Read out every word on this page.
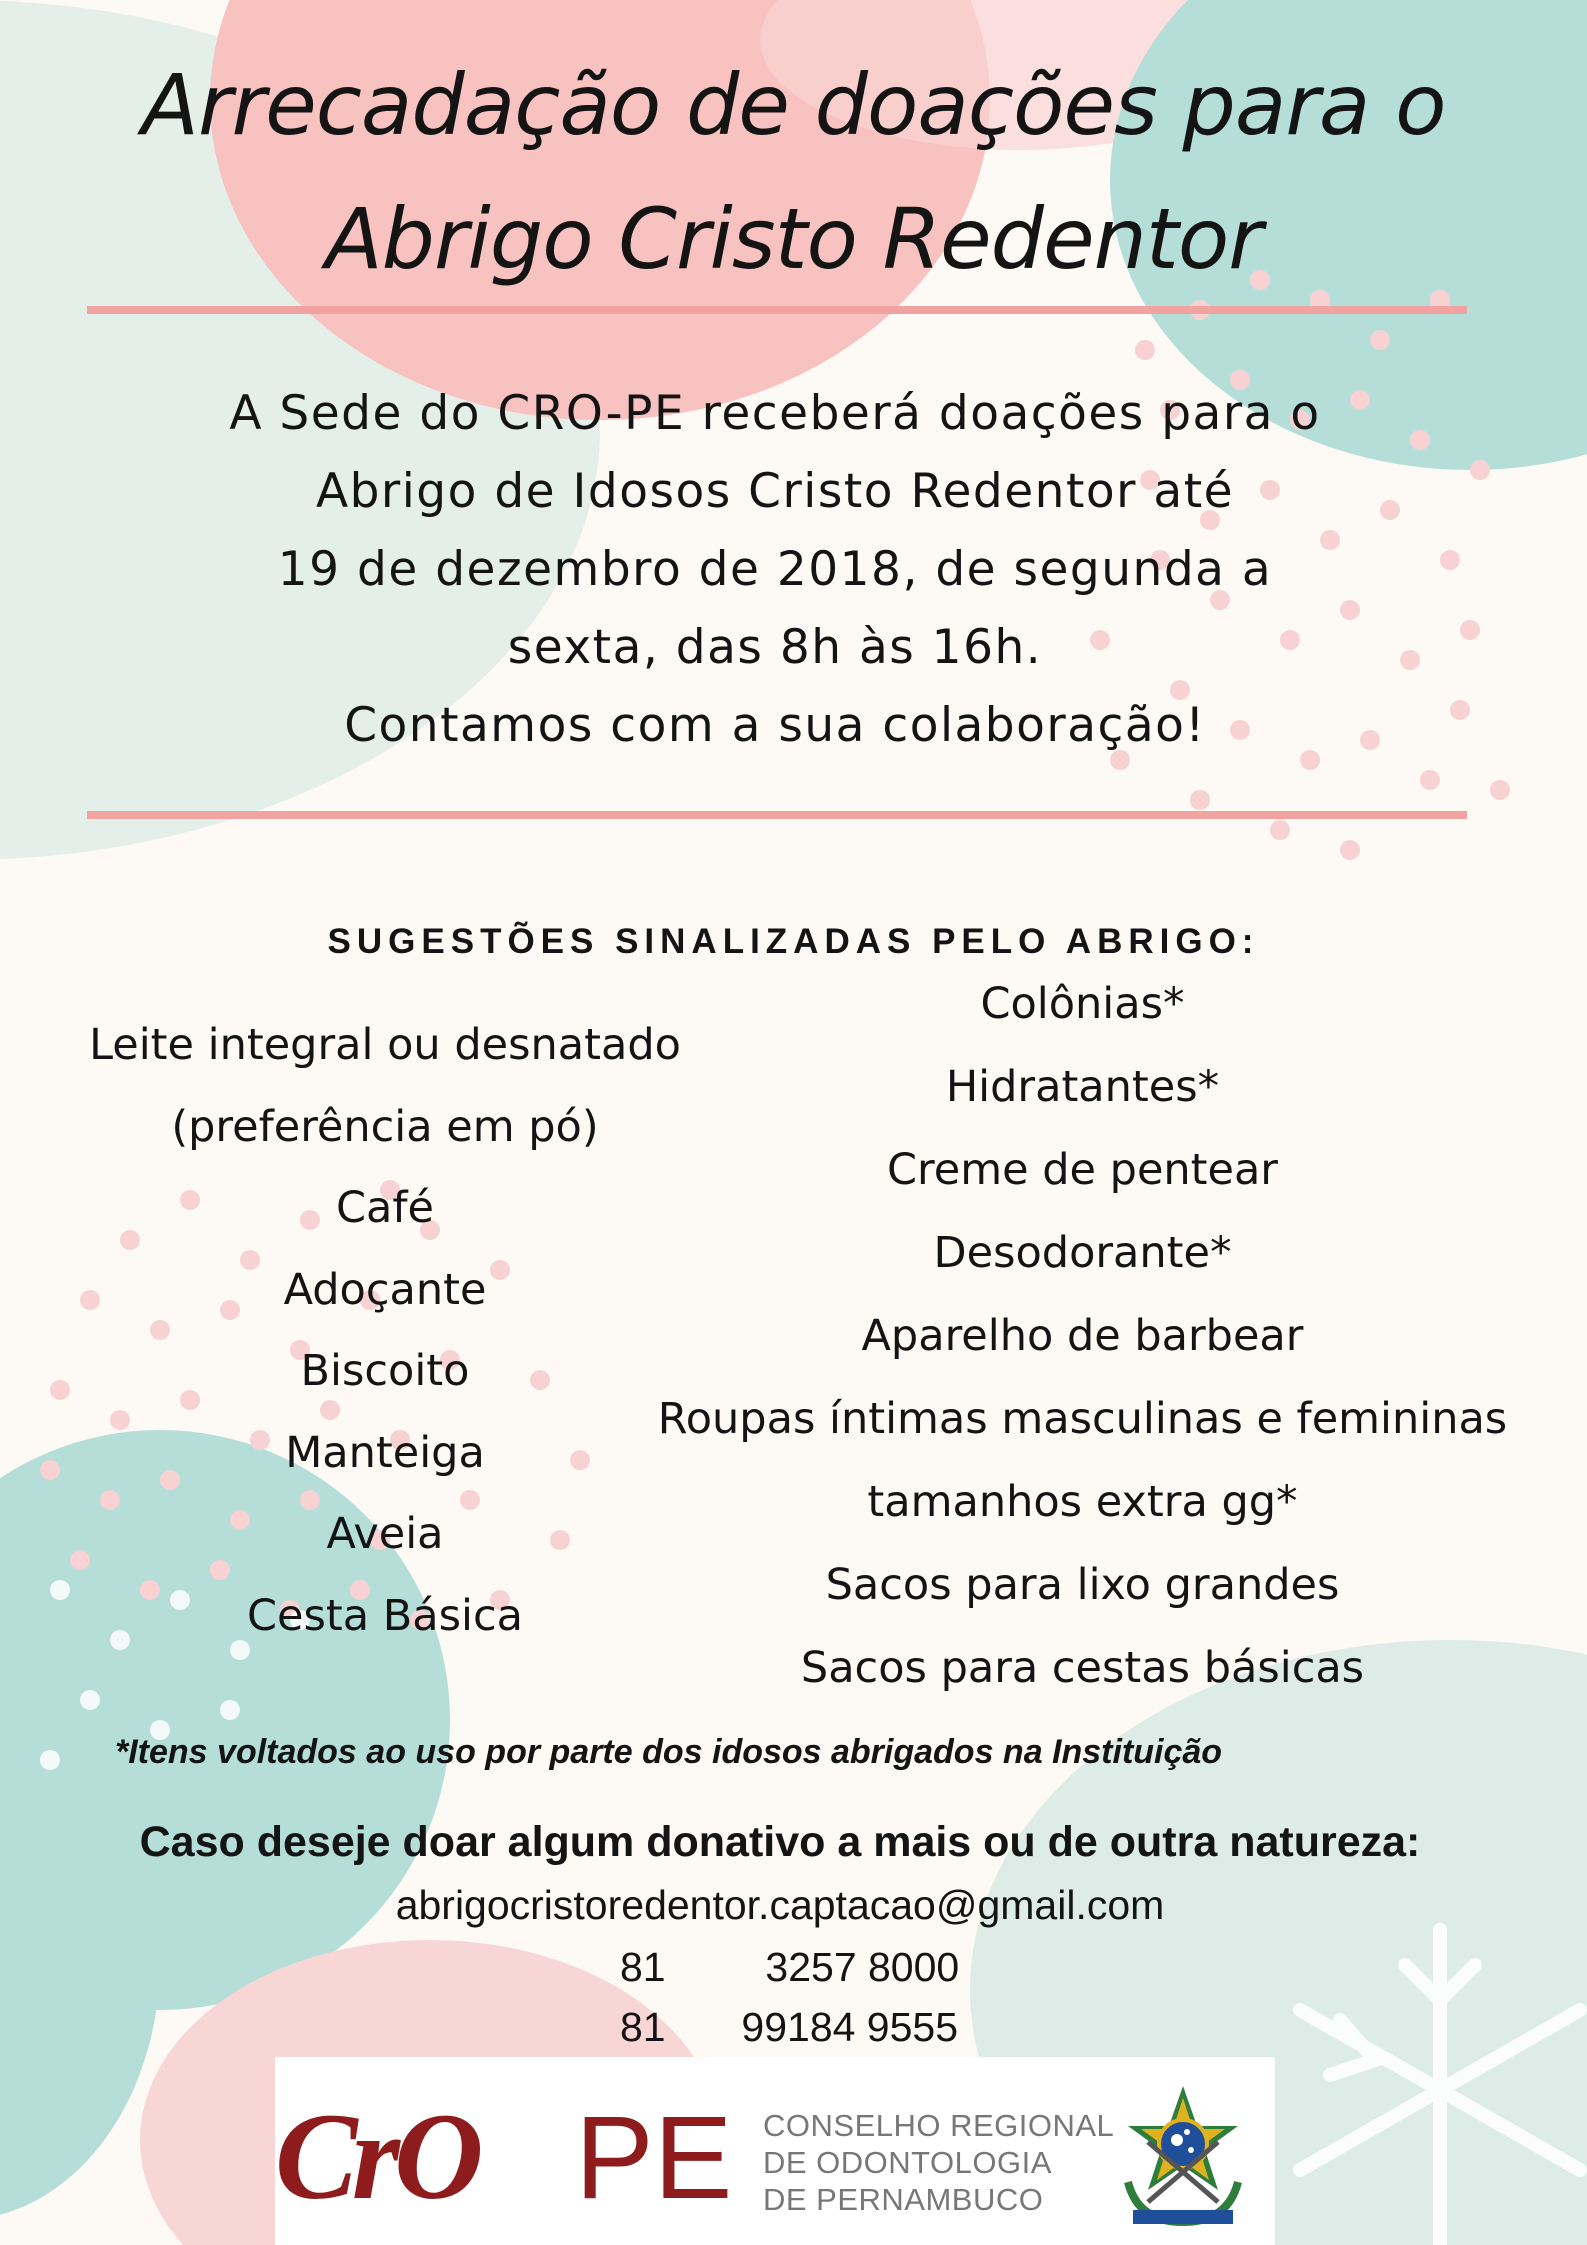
Arrecadação de doações para o
Abrigo Cristo Redentor
A Sede do CRO-PE receberá doações para o
Abrigo de Idosos Cristo Redentor até
19 de dezembro de 2018, de segunda a
sexta, das 8h às 16h.
Contamos com a sua colaboração!
SUGESTÕES SINALIZADAS PELO ABRIGO:
Leite integral ou desnatado
(preferência em pó)
Café
Adoçante
Biscoito
Manteiga
Aveia
Cesta Básica
Colônias*
Hidratantes*
Creme de pentear
Desodorante*
Aparelho de barbear
Roupas íntimas masculinas e femininas
tamanhos extra gg*
Sacos para lixo grandes
Sacos para cestas básicas
*Itens voltados ao uso por parte dos idosos abrigados na Instituição
Caso deseje doar algum donativo a mais ou de outra natureza:
abrigocristoredentor.captacao@gmail.com
81 3257 8000
81 99184 9555
CrO PE CONSELHO REGIONAL
DE ODONTOLOGIA
DE PERNAMBUCO
